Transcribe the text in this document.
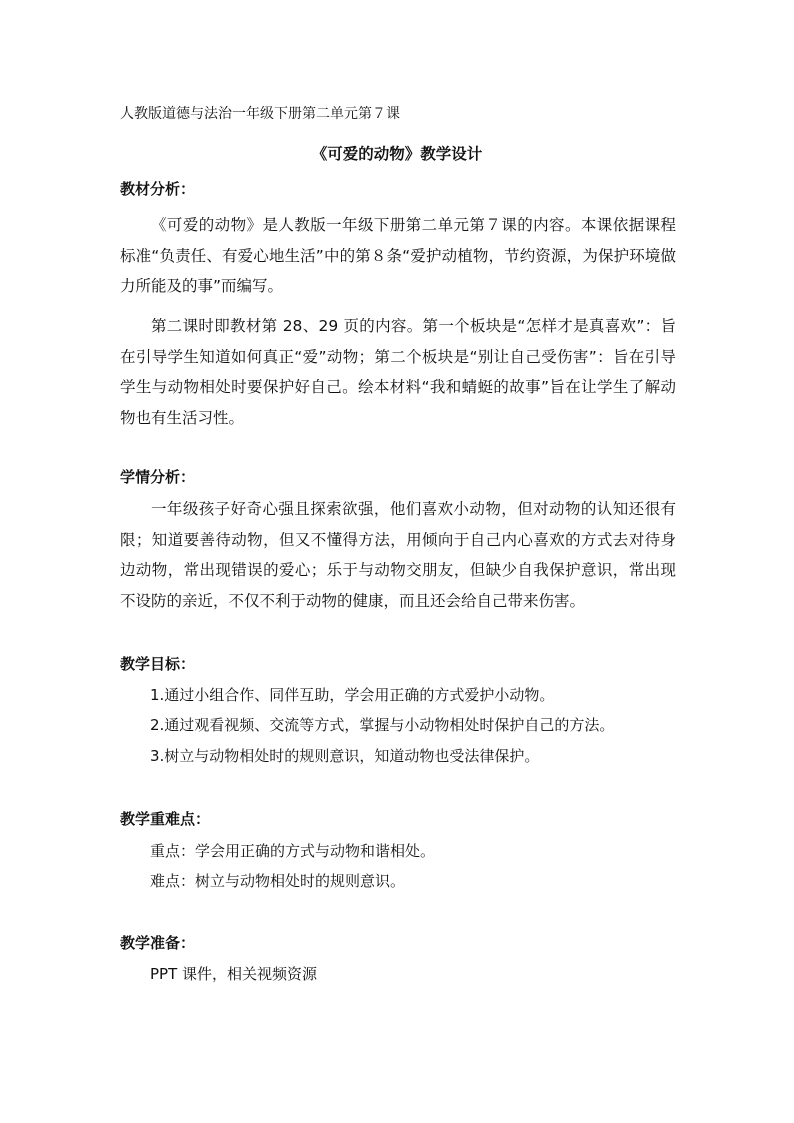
人教版道德与法治一年级下册第二单元第７课
《可爱的动物》教学设计
教材分析：

《可爱的动物》是人教版一年级下册第二单元第７课的内容。本课依据课程标准“负责任、有爱心地生活”中的第８条“爱护动植物，节约资源，为保护环境做力所能及的事”而编写。

第二课时即教材第 28、29 页的内容。第一个板块是“怎样才是真喜欢”：旨在引导学生知道如何真正“爱”动物；第二个板块是“别让自己受伤害”：旨在引导学生与动物相处时要保护好自己。绘本材料“我和蜻蜓的故事”旨在让学生了解动物也有生活习性。

学情分析：

一年级孩子好奇心强且探索欲强，他们喜欢小动物，但对动物的认知还很有限；知道要善待动物，但又不懂得方法，用倾向于自己内心喜欢的方式去对待身边动物，常出现错误的爱心；乐于与动物交朋友，但缺少自我保护意识，常出现不设防的亲近，不仅不利于动物的健康，而且还会给自己带来伤害。

教学目标：
1.通过小组合作、同伴互助，学会用正确的方式爱护小动物。
2.通过观看视频、交流等方式，掌握与小动物相处时保护自己的方法。
3.树立与动物相处时的规则意识，知道动物也受法律保护。
教学重难点：
重点：学会用正确的方式与动物和谐相处。
难点：树立与动物相处时的规则意识。
教学准备：
PPT 课件，相关视频资源
